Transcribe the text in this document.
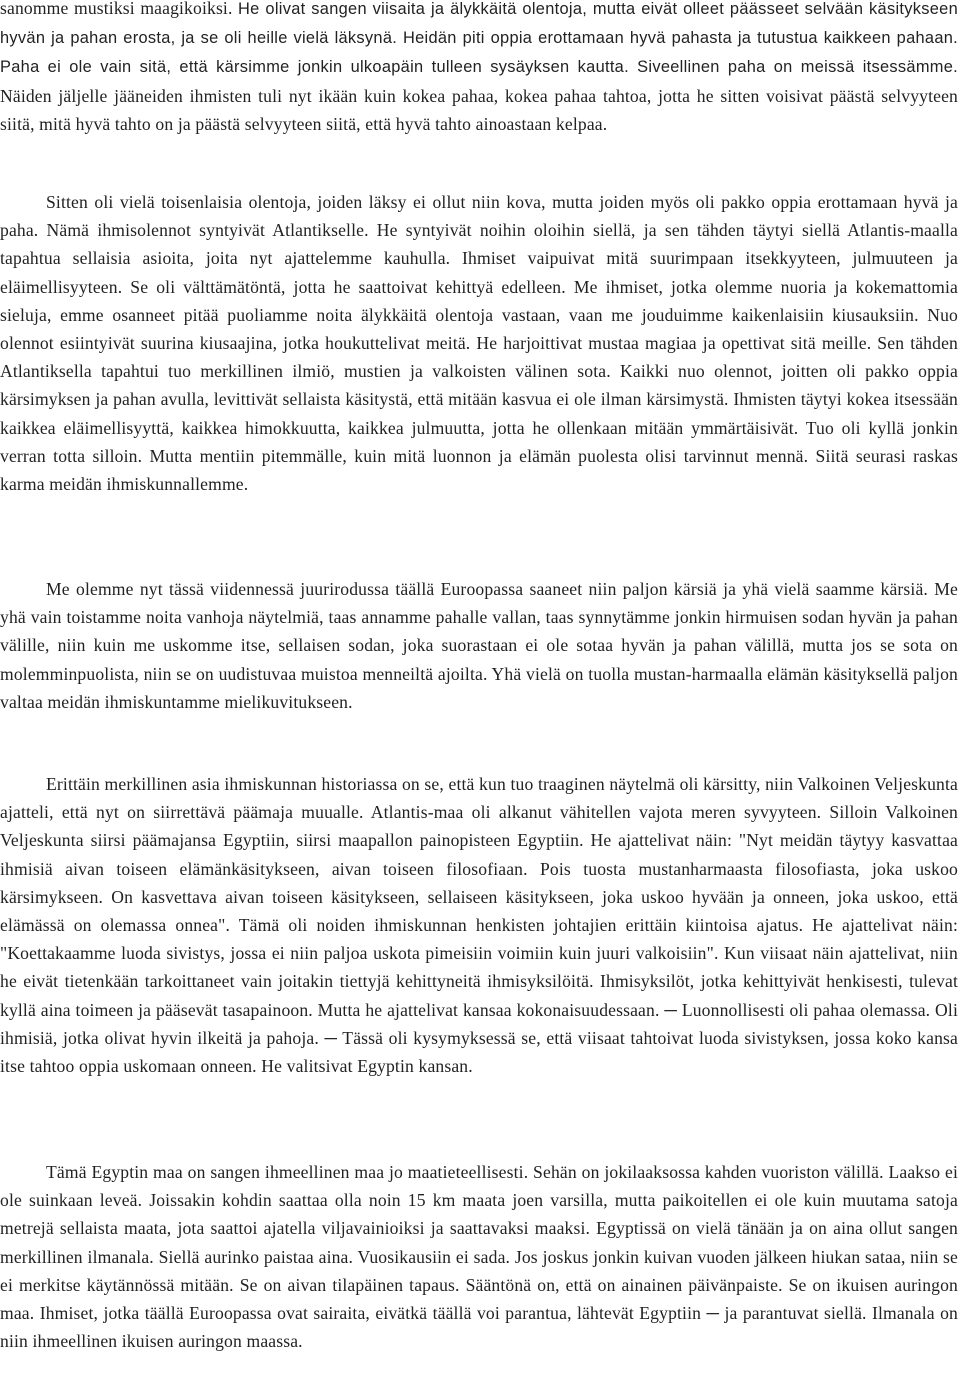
sanomme mustiksi maagikoiksi. He olivat sangen viisaita ja älykkäitä olentoja, mutta eivät olleet päässeet selvään käsitykseen hyvän ja pahan erosta, ja se oli heille vielä läksynä. Heidän piti oppia erottamaan hyvä pahasta ja tutustua kaikkeen pahaan. Paha ei ole vain sitä, että kärsimme jonkin ulkoapäin tulleen sysäyksen kautta. Siveellinen paha on meissä itsessämme. Näiden jäljelle jääneiden ihmisten tuli nyt ikään kuin kokea pahaa, kokea pahaa tahtoa, jotta he sitten voisivat päästä selvyyteen siitä, mitä hyvä tahto on ja päästä selvyyteen siitä, että hyvä tahto ainoastaan kelpaa.

Sitten oli vielä toisenlaisia olentoja, joiden läksy ei ollut niin kova, mutta joiden myös oli pakko oppia erottamaan hyvä ja paha. Nämä ihmisolennot syntyivät Atlantikselle. He syntyivät noihin oloihin siellä, ja sen tähden täytyi siellä Atlantis-maalla tapahtua sellaisia asioita, joita nyt ajattelemme kauhulla. Ihmiset vaipuivat mitä suurimpaan itsekkyyteen, julmuuteen ja eläimellisyyteen. Se oli välttämätöntä, jotta he saattoivat kehittyä edelleen. Me ihmiset, jotka olemme nuoria ja kokemattomia sieluja, emme osanneet pitää puoliamme noita älykkäitä olentoja vastaan, vaan me jouduimme kaikenlaisiin kiusauksiin. Nuo olennot esiintyivät suurina kiusaajina, jotka houkuttelivat meitä. He harjoittivat mustaa magiaa ja opettivat sitä meille. Sen tähden Atlantiksella tapahtui tuo merkillinen ilmiö, mustien ja valkoisten välinen sota. Kaikki nuo olennot, joitten oli pakko oppia kärsimyksen ja pahan avulla, levittivät sellaista käsitystä, että mitään kasvua ei ole ilman kärsimystä. Ihmisten täytyi kokea itsessään kaikkea eläimellisyyttä, kaikkea himokkuutta, kaikkea julmuutta, jotta he ollenkaan mitään ymmärtäisivät. Tuo oli kyllä jonkin verran totta silloin. Mutta mentiin pitemmälle, kuin mitä luonnon ja elämän puolesta olisi tarvinnut mennä. Siitä seurasi raskas karma meidän ihmiskunnallemme.

Me olemme nyt tässä viidennessä juurirodussa täällä Euroopassa saaneet niin paljon kärsiä ja yhä vielä saamme kärsiä. Me yhä vain toistamme noita vanhoja näytelmiä, taas annamme pahalle vallan, taas synnytämme jonkin hirmuisen sodan hyvän ja pahan välille, niin kuin me uskomme itse, sellaisen sodan, joka suorastaan ei ole sotaa hyvän ja pahan välillä, mutta jos se sota on molemminpuolista, niin se on uudistuvaa muistoa menneiltä ajoilta. Yhä vielä on tuolla mustan-harmaalla elämän käsityksellä paljon valtaa meidän ihmiskuntamme mielikuvitukseen.

Erittäin merkillinen asia ihmiskunnan historiassa on se, että kun tuo traaginen näytelmä oli kärsitty, niin Valkoinen Veljeskunta ajatteli, että nyt on siirrettävä päämaja muualle. Atlantis-maa oli alkanut vähitellen vajota meren syvyyteen. Silloin Valkoinen Veljeskunta siirsi päämajansa Egyptiin, siirsi maapallon painopisteen Egyptiin. He ajattelivat näin: "Nyt meidän täytyy kasvattaa ihmisiä aivan toiseen elämänkäsitykseen, aivan toiseen filosofiaan. Pois tuosta mustanharmaasta filosofiasta, joka uskoo kärsimykseen. On kasvettava aivan toiseen käsitykseen, sellaiseen käsitykseen, joka uskoo hyvään ja onneen, joka uskoo, että elämässä on olemassa onnea". Tämä oli noiden ihmiskunnan henkisten johtajien erittäin kiintoisa ajatus. He ajattelivat näin: "Koettakaamme luoda sivistys, jossa ei niin paljoa uskota pimeisiin voimiin kuin juuri valkoisiin". Kun viisaat näin ajattelivat, niin he eivät tietenkään tarkoittaneet vain joitakin tiettyjä kehittyneitä ihmisyksilöitä. Ihmisyksilöt, jotka kehittyivät henkisesti, tulevat kyllä aina toimeen ja pääsevät tasapainoon. Mutta he ajattelivat kansaa kokonaisuudessaan. ─ Luonnollisesti oli pahaa olemassa. Oli ihmisiä, jotka olivat hyvin ilkeitä ja pahoja. ─ Tässä oli kysymyksessä se, että viisaat tahtoivat luoda sivistyksen, jossa koko kansa itse tahtoo oppia uskomaan onneen. He valitsivat Egyptin kansan.

Tämä Egyptin maa on sangen ihmeellinen maa jo maatieteellisesti. Sehän on jokilaaksossa kahden vuoriston välillä. Laakso ei ole suinkaan leveä. Joissakin kohdin saattaa olla noin 15 km maata joen varsilla, mutta paikoitellen ei ole kuin muutama satoja metrejä sellaista maata, jota saattoi ajatella viljavainioiksi ja saattavaksi maaksi. Egyptissä on vielä tänään ja on aina ollut sangen merkillinen ilmanala. Siellä aurinko paistaa aina. Vuosikausiin ei sada. Jos joskus jonkin kuivan vuoden jälkeen hiukan sataa, niin se ei merkitse käytännössä mitään. Se on aivan tilapäinen tapaus. Sääntönä on, että on ainainen päivänpaiste. Se on ikuisen auringon maa. Ihmiset, jotka täällä Euroopassa ovat sairaita, eivätkä täällä voi parantua, lähtevät Egyptiin ─ ja parantuvat siellä. Ilmanala on niin ihmeellinen ikuisen auringon maassa.
